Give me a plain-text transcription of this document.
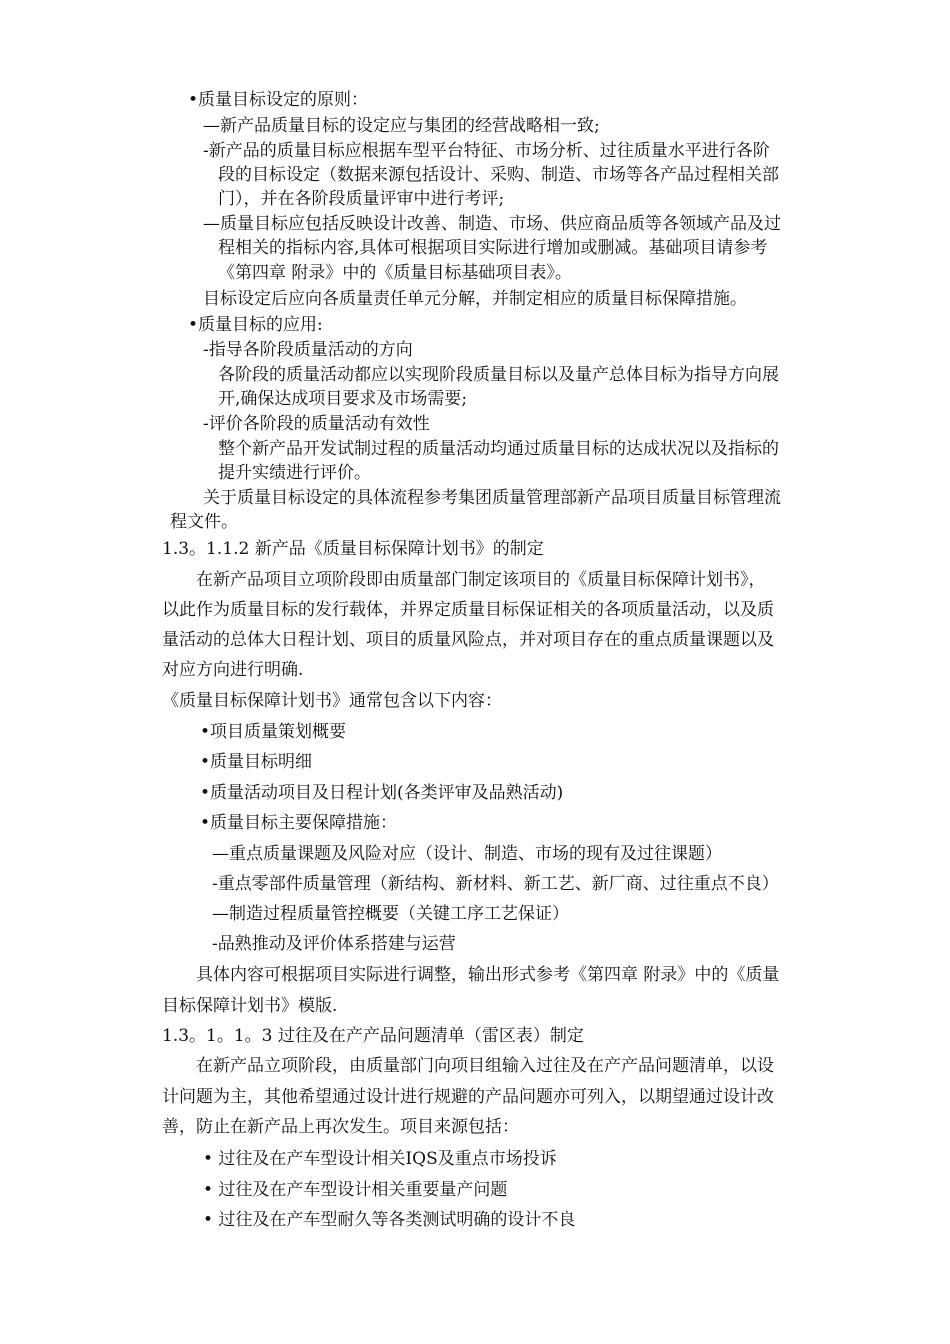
•质量目标设定的原则：
—新产品质量目标的设定应与集团的经营战略相一致;
-新产品的质量目标应根据车型平台特征、市场分析、过往质量水平进行各阶
段的目标设定（数据来源包括设计、采购、制造、市场等各产品过程相关部
门），并在各阶段质量评审中进行考评;
—质量目标应包括反映设计改善、制造、市场、供应商品质等各领域产品及过
程相关的指标内容,具体可根据项目实际进行增加或删减。基础项目请参考
《第四章 附录》中的《质量目标基础项目表》。
目标设定后应向各质量责任单元分解，并制定相应的质量目标保障措施。
•质量目标的应用:
-指导各阶段质量活动的方向
各阶段的质量活动都应以实现阶段质量目标以及量产总体目标为指导方向展
开,确保达成项目要求及市场需要;
-评价各阶段的质量活动有效性
整个新产品开发试制过程的质量活动均通过质量目标的达成状况以及指标的
提升实绩进行评价。
关于质量目标设定的具体流程参考集团质量管理部新产品项目质量目标管理流
程文件。
1.3。1.1.2 新产品《质量目标保障计划书》的制定
在新产品项目立项阶段即由质量部门制定该项目的《质量目标保障计划书》，
以此作为质量目标的发行载体，并界定质量目标保证相关的各项质量活动，以及质
量活动的总体大日程计划、项目的质量风险点，并对项目存在的重点质量课题以及
对应方向进行明确.
《质量目标保障计划书》通常包含以下内容：
•项目质量策划概要
•质量目标明细
•质量活动项目及日程计划(各类评审及品熟活动)
•质量目标主要保障措施：
—重点质量课题及风险对应（设计、制造、市场的现有及过往课题）
-重点零部件质量管理（新结构、新材料、新工艺、新厂商、过往重点不良）
—制造过程质量管控概要（关键工序工艺保证）
-品熟推动及评价体系搭建与运营
具体内容可根据项目实际进行调整，输出形式参考《第四章 附录》中的《质量
目标保障计划书》模版.
1.3。1。1。3 过往及在产产品问题清单（雷区表）制定
在新产品立项阶段，由质量部门向项目组输入过往及在产产品问题清单，以设
计问题为主，其他希望通过设计进行规避的产品问题亦可列入，以期望通过设计改
善，防止在新产品上再次发生。项目来源包括：
• 过往及在产车型设计相关IQS及重点市场投诉
• 过往及在产车型设计相关重要量产问题
• 过往及在产车型耐久等各类测试明确的设计不良
